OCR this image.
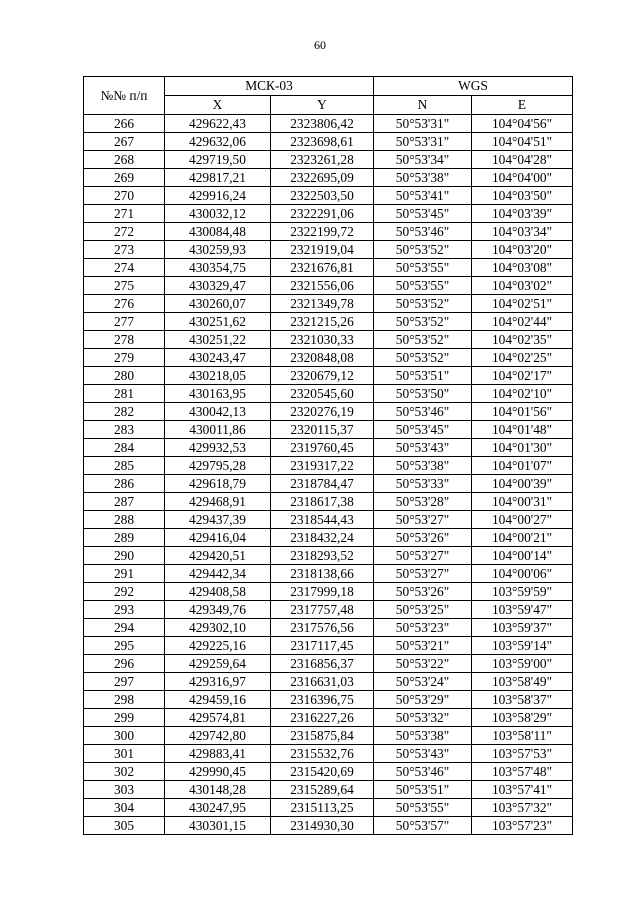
60
№№ п/п	МСК-03		WGS	
	X	Y	N	E
266	429622,43	2323806,42	50°53'31"	104°04'56"
267	429632,06	2323698,61	50°53'31"	104°04'51"
268	429719,50	2323261,28	50°53'34"	104°04'28"
269	429817,21	2322695,09	50°53'38"	104°04'00"
270	429916,24	2322503,50	50°53'41"	104°03'50"
271	430032,12	2322291,06	50°53'45"	104°03'39"
272	430084,48	2322199,72	50°53'46"	104°03'34"
273	430259,93	2321919,04	50°53'52"	104°03'20"
274	430354,75	2321676,81	50°53'55"	104°03'08"
275	430329,47	2321556,06	50°53'55"	104°03'02"
276	430260,07	2321349,78	50°53'52"	104°02'51"
277	430251,62	2321215,26	50°53'52"	104°02'44"
278	430251,22	2321030,33	50°53'52"	104°02'35"
279	430243,47	2320848,08	50°53'52"	104°02'25"
280	430218,05	2320679,12	50°53'51"	104°02'17"
281	430163,95	2320545,60	50°53'50"	104°02'10"
282	430042,13	2320276,19	50°53'46"	104°01'56"
283	430011,86	2320115,37	50°53'45"	104°01'48"
284	429932,53	2319760,45	50°53'43"	104°01'30"
285	429795,28	2319317,22	50°53'38"	104°01'07"
286	429618,79	2318784,47	50°53'33"	104°00'39"
287	429468,91	2318617,38	50°53'28"	104°00'31"
288	429437,39	2318544,43	50°53'27"	104°00'27"
289	429416,04	2318432,24	50°53'26"	104°00'21"
290	429420,51	2318293,52	50°53'27"	104°00'14"
291	429442,34	2318138,66	50°53'27"	104°00'06"
292	429408,58	2317999,18	50°53'26"	103°59'59"
293	429349,76	2317757,48	50°53'25"	103°59'47"
294	429302,10	2317576,56	50°53'23"	103°59'37"
295	429225,16	2317117,45	50°53'21"	103°59'14"
296	429259,64	2316856,37	50°53'22"	103°59'00"
297	429316,97	2316631,03	50°53'24"	103°58'49"
298	429459,16	2316396,75	50°53'29"	103°58'37"
299	429574,81	2316227,26	50°53'32"	103°58'29"
300	429742,80	2315875,84	50°53'38"	103°58'11"
301	429883,41	2315532,76	50°53'43"	103°57'53"
302	429990,45	2315420,69	50°53'46"	103°57'48"
303	430148,28	2315289,64	50°53'51"	103°57'41"
304	430247,95	2315113,25	50°53'55"	103°57'32"
305	430301,15	2314930,30	50°53'57"	103°57'23"
